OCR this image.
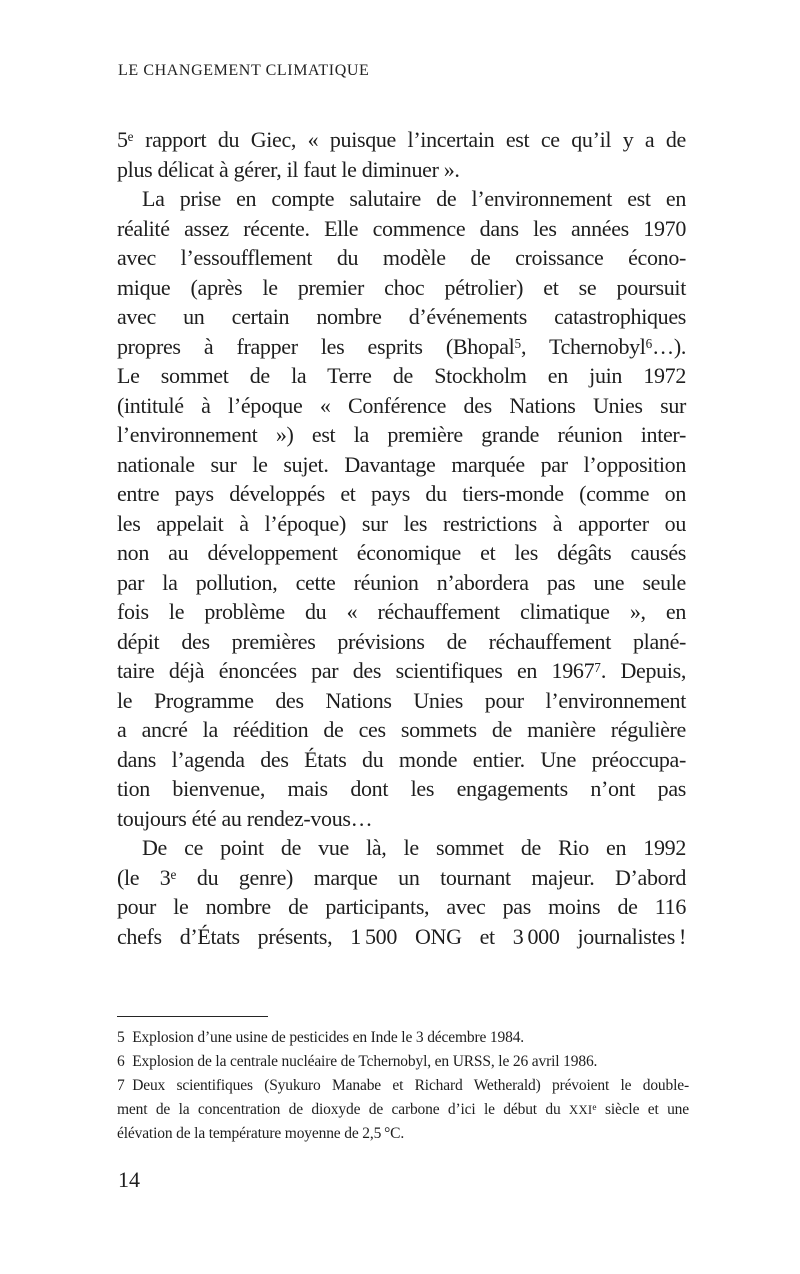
LE CHANGEMENT CLIMATIQUE
5e rapport du Giec, « puisque l’incertain est ce qu’il y a de
plus délicat à gérer, il faut le diminuer ».
La prise en compte salutaire de l’environnement est en
réalité assez récente. Elle commence dans les années 1970
avec l’essoufflement du modèle de croissance écono-
mique (après le premier choc pétrolier) et se poursuit
avec un certain nombre d’événements catastrophiques
propres à frapper les esprits (Bhopal$^5$, Tchernobyl$^6$…).
Le sommet de la Terre de Stockholm en juin 1972
(intitulé à l’époque « Conférence des Nations Unies sur
l’environnement ») est la première grande réunion inter-
nationale sur le sujet. Davantage marquée par l’opposition
entre pays développés et pays du tiers-monde (comme on
les appelait à l’époque) sur les restrictions à apporter ou
non au développement économique et les dégâts causés
par la pollution, cette réunion n’abordera pas une seule
fois le problème du « réchauffement climatique », en
dépit des premières prévisions de réchauffement plané-
taire déjà énoncées par des scientifiques en 1967$^7$. Depuis,
le Programme des Nations Unies pour l’environnement
a ancré la réédition de ces sommets de manière régulière
dans l’agenda des États du monde entier. Une préoccupa-
tion bienvenue, mais dont les engagements n’ont pas
toujours été au rendez-vous…
De ce point de vue là, le sommet de Rio en 1992
(le 3e du genre) marque un tournant majeur. D’abord
pour le nombre de participants, avec pas moins de 116
chefs d’États présents, 1 500 ONG et 3 000 journalistes !
5 Explosion d’une usine de pesticides en Inde le 3 décembre 1984.
6 Explosion de la centrale nucléaire de Tchernobyl, en URSS, le 26 avril 1986.
7 Deux scientifiques (Syukuro Manabe et Richard Wetherald) prévoient le double-
ment de la concentration de dioxyde de carbone d’ici le début du XXIe siècle et une
élévation de la température moyenne de 2,5 °C.
14
